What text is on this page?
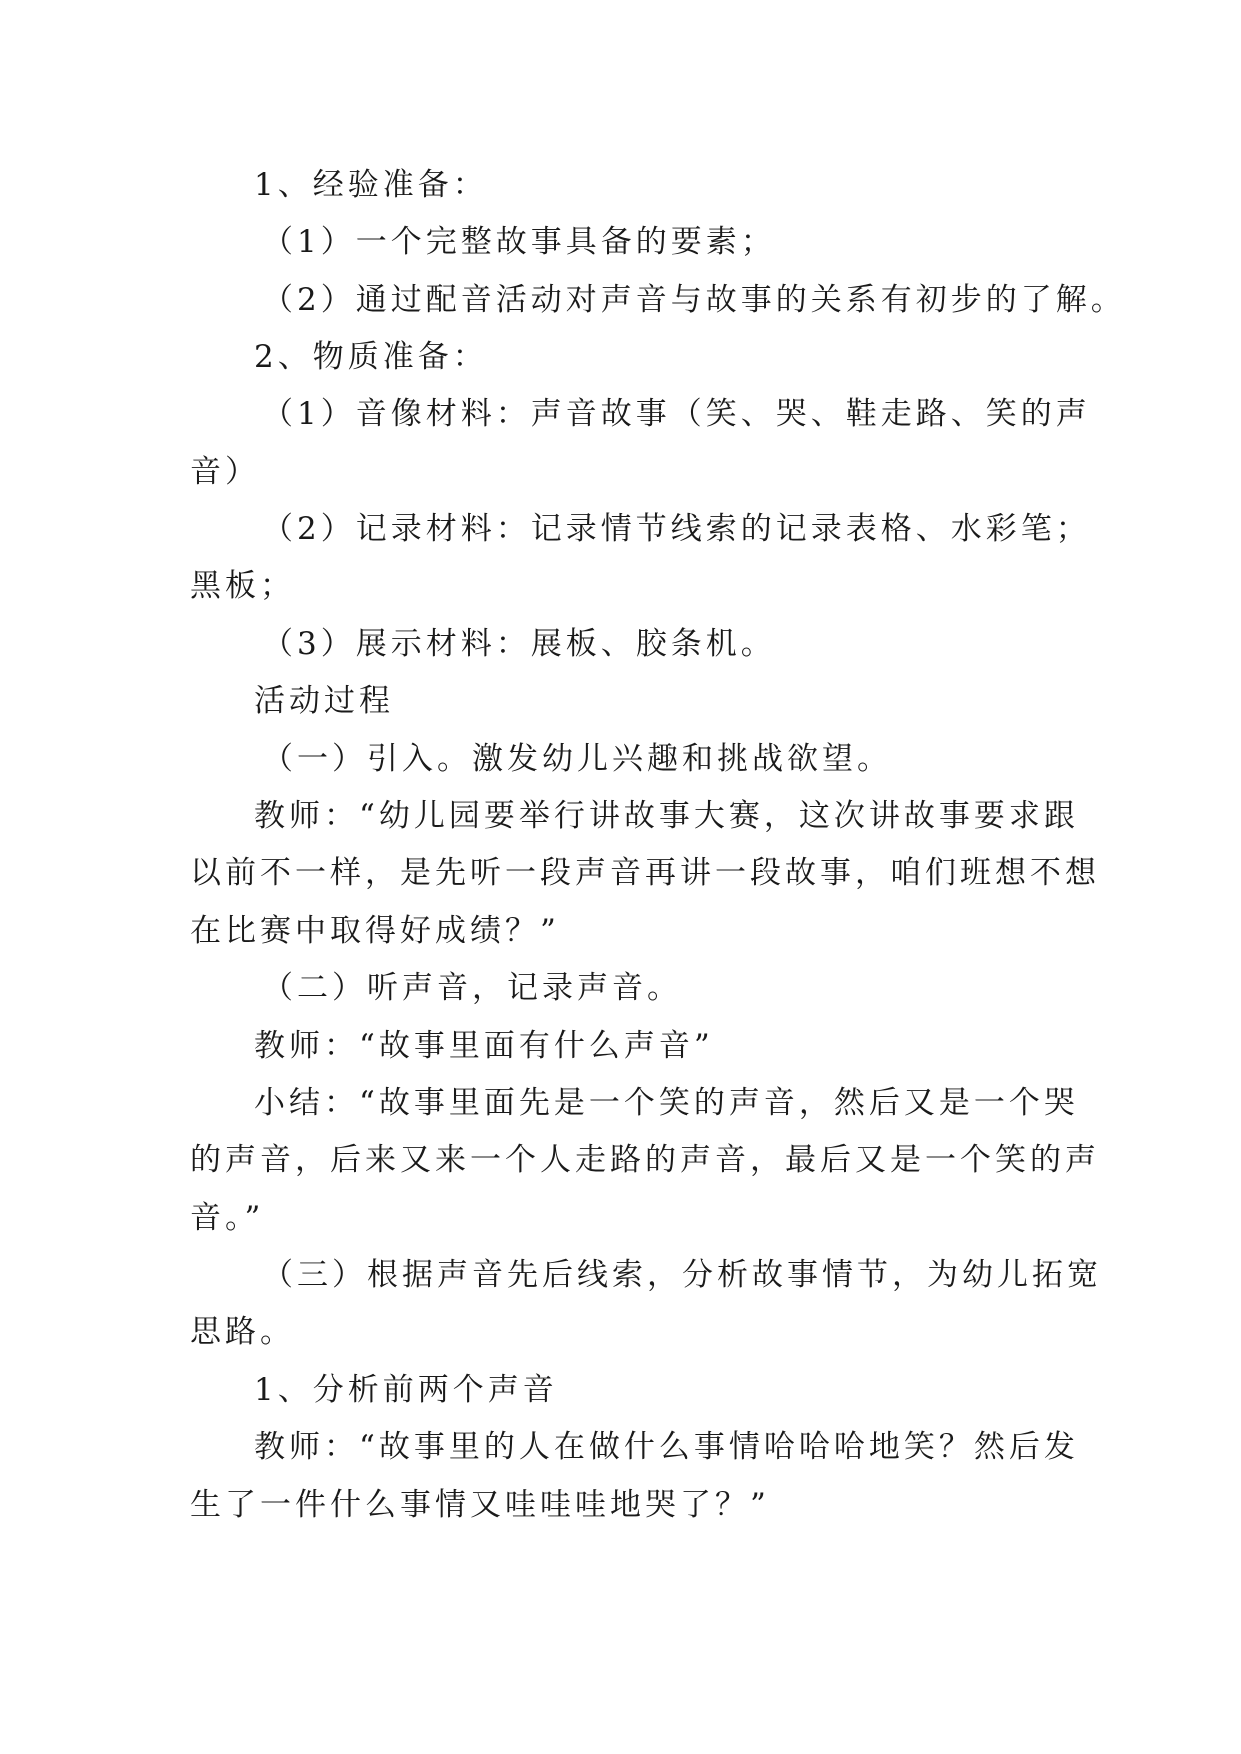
1、经验准备：
（1）一个完整故事具备的要素；
（2）通过配音活动对声音与故事的关系有初步的了解。
2、物质准备：
（1）音像材料：声音故事（笑、哭、鞋走路、笑的声
音）
（2）记录材料：记录情节线索的记录表格、水彩笔；
黑板；
（3）展示材料：展板、胶条机。
活动过程
（一）引入。激发幼儿兴趣和挑战欲望。
教师：“幼儿园要举行讲故事大赛，这次讲故事要求跟
以前不一样，是先听一段声音再讲一段故事，咱们班想不想
在比赛中取得好成绩？”
（二）听声音，记录声音。
教师：“故事里面有什么声音”
小结：“故事里面先是一个笑的声音，然后又是一个哭
的声音，后来又来一个人走路的声音，最后又是一个笑的声
音。”
（三）根据声音先后线索，分析故事情节，为幼儿拓宽
思路。
1、分析前两个声音
教师：“故事里的人在做什么事情哈哈哈地笑？然后发
生了一件什么事情又哇哇哇地哭了？”
